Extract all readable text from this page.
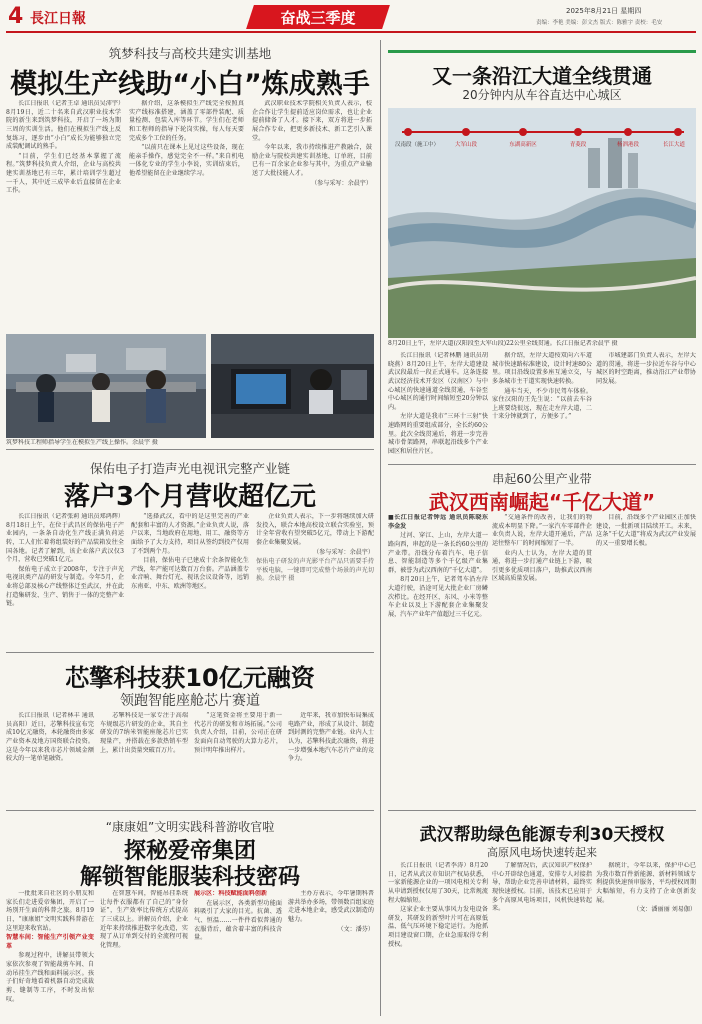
4 長江日報	奋战三季度	2025年8月21日 星期四
责编：李艳 美编：彭文杰 版式：陈雅宇 责校：毛安
筑梦科技与高校共建实训基地
模拟生产线助“小白”炼成熟手

长江日报讯（记者王卓 通讯员吴沛宇）8月19日，近二十名来自武汉职业技术学院的新生来到筑梦科技，开启了一场为期三周的实训生活。他们在模拟生产线上反复练习，逐步由“小白”成长为能够独立完成装配调试的熟手。

“目前，学生们已经基本掌握了流程。”筑梦科技负责人介绍，企业与高校共建实训基地已有三年，累计培训学生超过一千人，其中近三成毕业后直接留在企业工作。

据介绍，这条模拟生产线完全按照真实产线标准搭建，涵盖了零部件装配、质量检测、包装入库等环节。学生们在老师和工程师的指导下轮岗实操，每人每天要完成多个工位的任务。

“以前只在课本上见过这些设备，现在能亲手操作，感觉完全不一样。”来自机电一体化专业的学生小李说，实训结束后，他希望能留在企业继续学习。

武汉职业技术学院相关负责人表示，校企合作让学生提前适应岗位需求，也让企业提前储备了人才。接下来，双方将进一步拓展合作专业，把更多新技术、新工艺引入课堂。

今年以来，我市持续推进产教融合，鼓励企业与院校共建实训基地、订单班，目前已有一百余家企业参与其中，为重点产业输送了大批技能人才。

（参与采写：余晨宇）

筑梦科技工程师指导学生在模拟生产线上操作。余晨宇 摄
保佑电子打造声光电视讯完整产业链
落户3个月营收超亿元

长江日报讯（记者张莉 通讯员郑鸿辉）8月18日上午，在位于武昌区的保佑电子产业园内，一条条自动化生产线正满负荷运转，工人们忙着将组装好的产品装箱发往全国各地。记者了解到，该企业落户武汉仅3个月，营收已突破1亿元。

保佑电子成立于2008年，专注于声光电视讯类产品的研发与制造。今年5月，企业将总部及核心产线整体迁至武汉，并在此打造集研发、生产、销售于一体的完整产业链。

“选择武汉，看中的是这里完善的产业配套和丰富的人才资源。”企业负责人说，落户以来，当地政府在用地、用工、融资等方面给予了大力支持，项目从签约到投产仅用了不到两个月。

目前，保佑电子已建成十余条智能化生产线，年产能可达数百万台套。产品涵盖专业音响、舞台灯光、视讯会议设备等，远销东南亚、中东、欧洲等地区。

企业负责人表示，下一步将继续加大研发投入，联合本地高校设立联合实验室，预计全年营收有望突破5亿元，带动上下游配套企业集聚发展。

（参与采写：余晨宇）

保佑电子研发的声光影平台产品只需要手持平板电脑，一键即可完成整个场景的声光切换。余晨宇 摄

芯擎科技获10亿元融资
领跑智能座舱芯片赛道

长江日报讯（记者林丰 通讯员高阳）近日，芯擎科技宣布完成10亿元融资，本轮融资由多家产业资本及地方国资联合投资。这是今年以来我市芯片领域金额较大的一笔单笔融资。

芯擎科技是一家专注于高端车规级芯片研发的企业，其自主研发的7纳米智能座舱芯片已实现量产，并搭载在多款热销车型上，累计出货量突破百万片。

“这笔资金将主要用于新一代芯片的研发和市场拓展。”公司负责人介绍，目前，公司正在研发面向自动驾驶的大算力芯片，预计明年推出样片。

近年来，我市加快布局集成电路产业，形成了从设计、制造到封测的完整产业链。业内人士认为，芯擎科技此次融资，将进一步增强本地汽车芯片产业的竞争力。

“康康姐”文明实践科普游收官啦
探秘爱帝集团
解锁智能服装科技密码

一批批来自社区的小朋友和家长们走进爱帝集团，开启了一场别开生面的科普之旅。8月19日，“康康姐”文明实践科普游在这里迎来收官站。

智慧车间：智能生产引领产业变革

参观过程中，讲解员带领大家依次参观了智能裁剪车间、自动吊挂生产线和面料展示区。孩子们好奇地看着机器自动完成裁剪、缝制等工序，不时发出惊叹。

在智慧车间，智能吊挂系统让每件衣服都有了自己的“身份证”，生产效率比传统方式提高了三成以上。讲解员介绍，企业近年来持续推进数字化改造，实现了从订单到交付的全流程可视化管理。

展示区：科技赋能面料创新

在展示区，各类新型功能面料吸引了大家的目光。抗菌、透气、恒温……一件件看似普通的衣服背后，蕴含着丰富的科技含量。

主办方表示，今年暑期科普游共举办多场，带领数百组家庭走进本地企业，感受武汉制造的魅力。

（文：潘芬）

又一条沿江大道全线贯通
20分钟内从车谷直达中心城区
汉南段（施工中）	大军山段	东湖高新区	青菱段	杨泗港段	长江大道
8月20日上午，左岸大道(汉阳段至大军山段)22公里全线贯通。长江日报记者余晨宇 摄

长江日报讯（记者林鹏 通讯员胡晓燕）8月20日上午，左岸大道建设武汉段最后一段正式通车。这条连接武汉经济技术开发区（汉南区）与中心城区的快速通道全线贯通，车谷至中心城区的通行时间缩短至20分钟以内。

左岸大道是我市“三环十三射”快速路网的重要组成部分，全长约60公里。此次全线贯通后，将进一步完善城市骨架路网，串联起沿线多个产业园区和居住片区。

据介绍，左岸大道按双向六车道城市快速路标准建设，设计时速80公里。项目沿线设置多座互通立交，与多条城市主干道实现快速转换。

通车当天，不少市民驾车体验。家住汉阳的王先生说：“以前去车谷上班要绕很远，现在走左岸大道，二十来分钟就到了，方便多了。”

市城建部门负责人表示，左岸大道的贯通，将进一步拉近车谷与中心城区的时空距离，推动沿江产业带协同发展。

串起60公里产业带
武汉西南崛起“千亿大道”

■长江日报记者钟远 通讯员陈晓东 李金发

过河、穿江、上山，左岸大道一路向西，串起的是一条长约60公里的产业带。沿线分布着汽车、电子信息、智能制造等多个千亿级产业集群，被誉为武汉西南的“千亿大道”。

8月20日上午，记者驾车沿左岸大道行驶，沿途可见大批企业厂房鳞次栉比。在经开区，东风、小米等整车企业以及上下游配套企业集聚发展，汽车产业年产值超过三千亿元。

“交通条件的改善，让我们的物流成本明显下降。”一家汽车零部件企业负责人说，左岸大道开通后，产品运往整车厂的时间缩短了一半。

业内人士认为，左岸大道的贯通，将进一步打通产业链上下游，吸引更多优质项目落户，助推武汉西南区域高质量发展。

目前，沿线多个产业园区正加快建设，一批新项目陆续开工。未来，这条“千亿大道”将成为武汉产业发展的又一重要增长极。

武汉帮助绿色能源专利30天授权
高原风电场快速转起来

长江日报讯（记者李涛）8月20日，记者从武汉市知识产权局获悉，一家新能源企业的一项风电相关专利从申请到授权仅用了30天，比常规流程大幅缩短。

这家企业主要从事风力发电设备研发，其研发的新型叶片可在高原低温、低气压环境下稳定运行。为抢抓项目建设窗口期，企业急需取得专利授权。

了解情况后，武汉知识产权保护中心开辟绿色通道，安排专人对接指导，帮助企业完善申请材料，最终实现快速授权。目前，该技术已应用于多个高原风电场项目，风机快速转起来。

据统计，今年以来，保护中心已为我市数百件新能源、新材料领域专利提供快速预审服务，平均授权周期大幅缩短，有力支持了企业创新发展。

（文：潘丽丽 刘易伽）
